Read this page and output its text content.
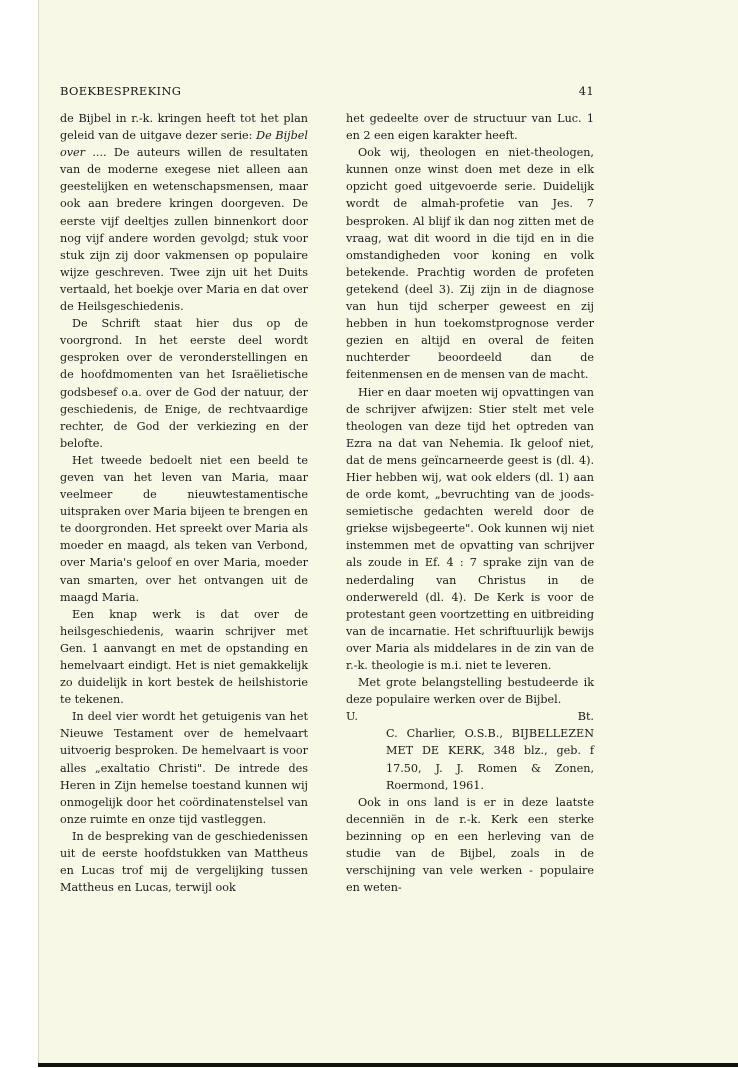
BOEKBESPREKING	41

de Bijbel in r.-k. kringen heeft tot het plan geleid van de uitgave dezer serie: De Bijbel over .... De auteurs willen de resultaten van de moderne exegese niet alleen aan geestelijken en wetenschapsmensen, maar ook aan bredere kringen doorgeven. De eerste vijf deeltjes zullen binnenkort door nog vijf andere worden gevolgd; stuk voor stuk zijn zij door vakmensen op populaire wijze geschreven. Twee zijn uit het Duits vertaald, het boekje over Maria en dat over de Heilsgeschiedenis.

De Schrift staat hier dus op de voorgrond. In het eerste deel wordt gesproken over de veronderstellingen en de hoofdmomenten van het Israëlietische godsbesef o.a. over de God der natuur, der geschiedenis, de Enige, de rechtvaardige rechter, de God der verkiezing en der belofte.

Het tweede bedoelt niet een beeld te geven van het leven van Maria, maar veelmeer de nieuwtestamentische uitspraken over Maria bijeen te brengen en te doorgronden. Het spreekt over Maria als moeder en maagd, als teken van Verbond, over Maria's geloof en over Maria, moeder van smarten, over het ontvangen uit de maagd Maria.

Een knap werk is dat over de heilsgeschiedenis, waarin schrijver met Gen. 1 aanvangt en met de opstanding en hemelvaart eindigt. Het is niet gemakkelijk zo duidelijk in kort bestek de heilshistorie te tekenen.

In deel vier wordt het getuigenis van het Nieuwe Testament over de hemelvaart uitvoerig besproken. De hemelvaart is voor alles „exaltatio Christi". De intrede des Heren in Zijn hemelse toestand kunnen wij onmogelijk door het coördinatenstelsel van onze ruimte en onze tijd vastleggen.

In de bespreking van de geschiedenissen uit de eerste hoofdstukken van Mattheus en Lucas trof mij de vergelijking tussen Mattheus en Lucas, terwijl ook

het gedeelte over de structuur van Luc. 1 en 2 een eigen karakter heeft.

Ook wij, theologen en niet-theologen, kunnen onze winst doen met deze in elk opzicht goed uitgevoerde serie. Duidelijk wordt de almah-profetie van Jes. 7 besproken. Al blijf ik dan nog zitten met de vraag, wat dit woord in die tijd en in die omstandigheden voor koning en volk betekende. Prachtig worden de profeten getekend (deel 3). Zij zijn in de diagnose van hun tijd scherper geweest en zij hebben in hun toekomstprognose verder gezien en altijd en overal de feiten nuchterder beoordeeld dan de feitenmensen en de mensen van de macht.

Hier en daar moeten wij opvattingen van de schrijver afwijzen: Stier stelt met vele theologen van deze tijd het optreden van Ezra na dat van Nehemia. Ik geloof niet, dat de mens geïncarneerde geest is (dl. 4). Hier hebben wij, wat ook elders (dl. 1) aan de orde komt, „bevruchting van de joods-semietische gedachten wereld door de griekse wijsbegeerte". Ook kunnen wij niet instemmen met de opvatting van schrijver als zoude in Ef. 4 : 7 sprake zijn van de nederdaling van Christus in de onderwereld (dl. 4). De Kerk is voor de protestant geen voortzetting en uitbreiding van de incarnatie. Het schriftuurlijk bewijs over Maria als middelares in de zin van de r.-k. theologie is m.i. niet te leveren.

Met grote belangstelling bestudeerde ik deze populaire werken over de Bijbel.

U.	Bt.

C. Charlier, O.S.B., BIJBELLEZEN MET DE KERK, 348 blz., geb. f 17.50, J. J. Romen & Zonen, Roermond, 1961.

Ook in ons land is er in deze laatste decenniën in de r.-k. Kerk een sterke bezinning op en een herleving van de studie van de Bijbel, zoals in de verschijning van vele werken - populaire en weten-
